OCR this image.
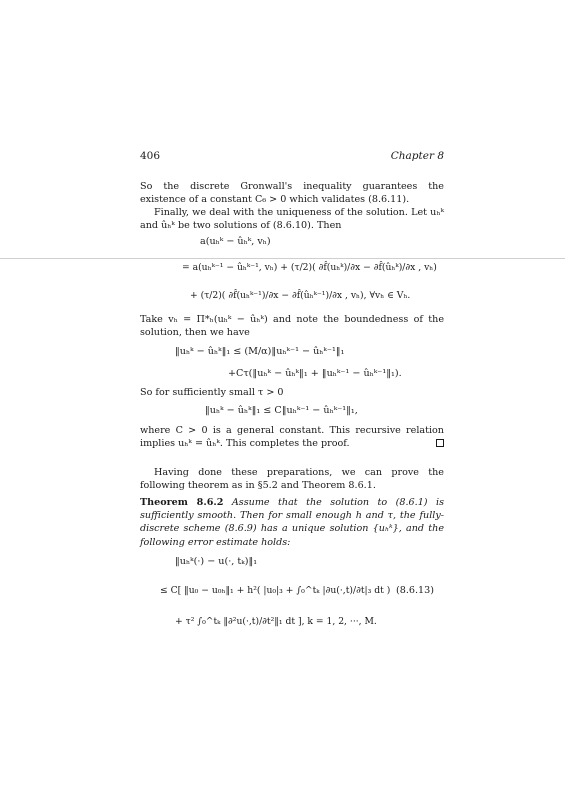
406	Chapter 8
So the discrete Gronwall's inequality guarantees the existence of a constant C₆ > 0 which validates (8.6.11).
Finally, we deal with the uniqueness of the solution. Let uₕᵏ and ûₕᵏ be two solutions of (8.6.10). Then
a(uₕᵏ − ûₕᵏ, vₕ)
= a(uₕᵏ⁻¹ − ûₕᵏ⁻¹, vₕ) + (τ/2)( ∂f̂(uₕᵏ)/∂x − ∂f̂(ûₕᵏ)/∂x , vₕ)
+ (τ/2)( ∂f̂(uₕᵏ⁻¹)/∂x − ∂f̂(ûₕᵏ⁻¹)/∂x , vₕ), ∀vₕ ∈ Vₕ.
Take vₕ = Π*ₕ(uₕᵏ − ûₕᵏ) and note the boundedness of the solution, then we have
‖uₕᵏ − ûₕᵏ‖₁ ≤ (M/α)‖uₕᵏ⁻¹ − ûₕᵏ⁻¹‖₁
+Cτ(‖uₕᵏ − ûₕᵏ‖₁ + ‖uₕᵏ⁻¹ − ûₕᵏ⁻¹‖₁).
So for sufficiently small τ > 0
‖uₕᵏ − ûₕᵏ‖₁ ≤ C‖uₕᵏ⁻¹ − ûₕᵏ⁻¹‖₁,
where C > 0 is a general constant. This recursive relation implies uₕᵏ = ûₕᵏ. This completes the proof.
Having done these preparations, we can prove the following theorem as in §5.2 and Theorem 8.6.1.
Theorem 8.6.2 Assume that the solution to (8.6.1) is sufficiently smooth. Then for small enough h and τ, the fully-discrete scheme (8.6.9) has a unique solution {uₕᵏ}, and the following error estimate holds:
‖uₕᵏ(·) − u(·, tₖ)‖₁
≤ C[ ‖u₀ − u₀ₕ‖₁ + h²( |u₀|₃ + ∫₀^tₖ |∂u(·,t)/∂t|₃ dt ) (8.6.13)
+ τ² ∫₀^tₖ ‖∂²u(·,t)/∂t²‖₁ dt ], k = 1, 2, ···, M.
